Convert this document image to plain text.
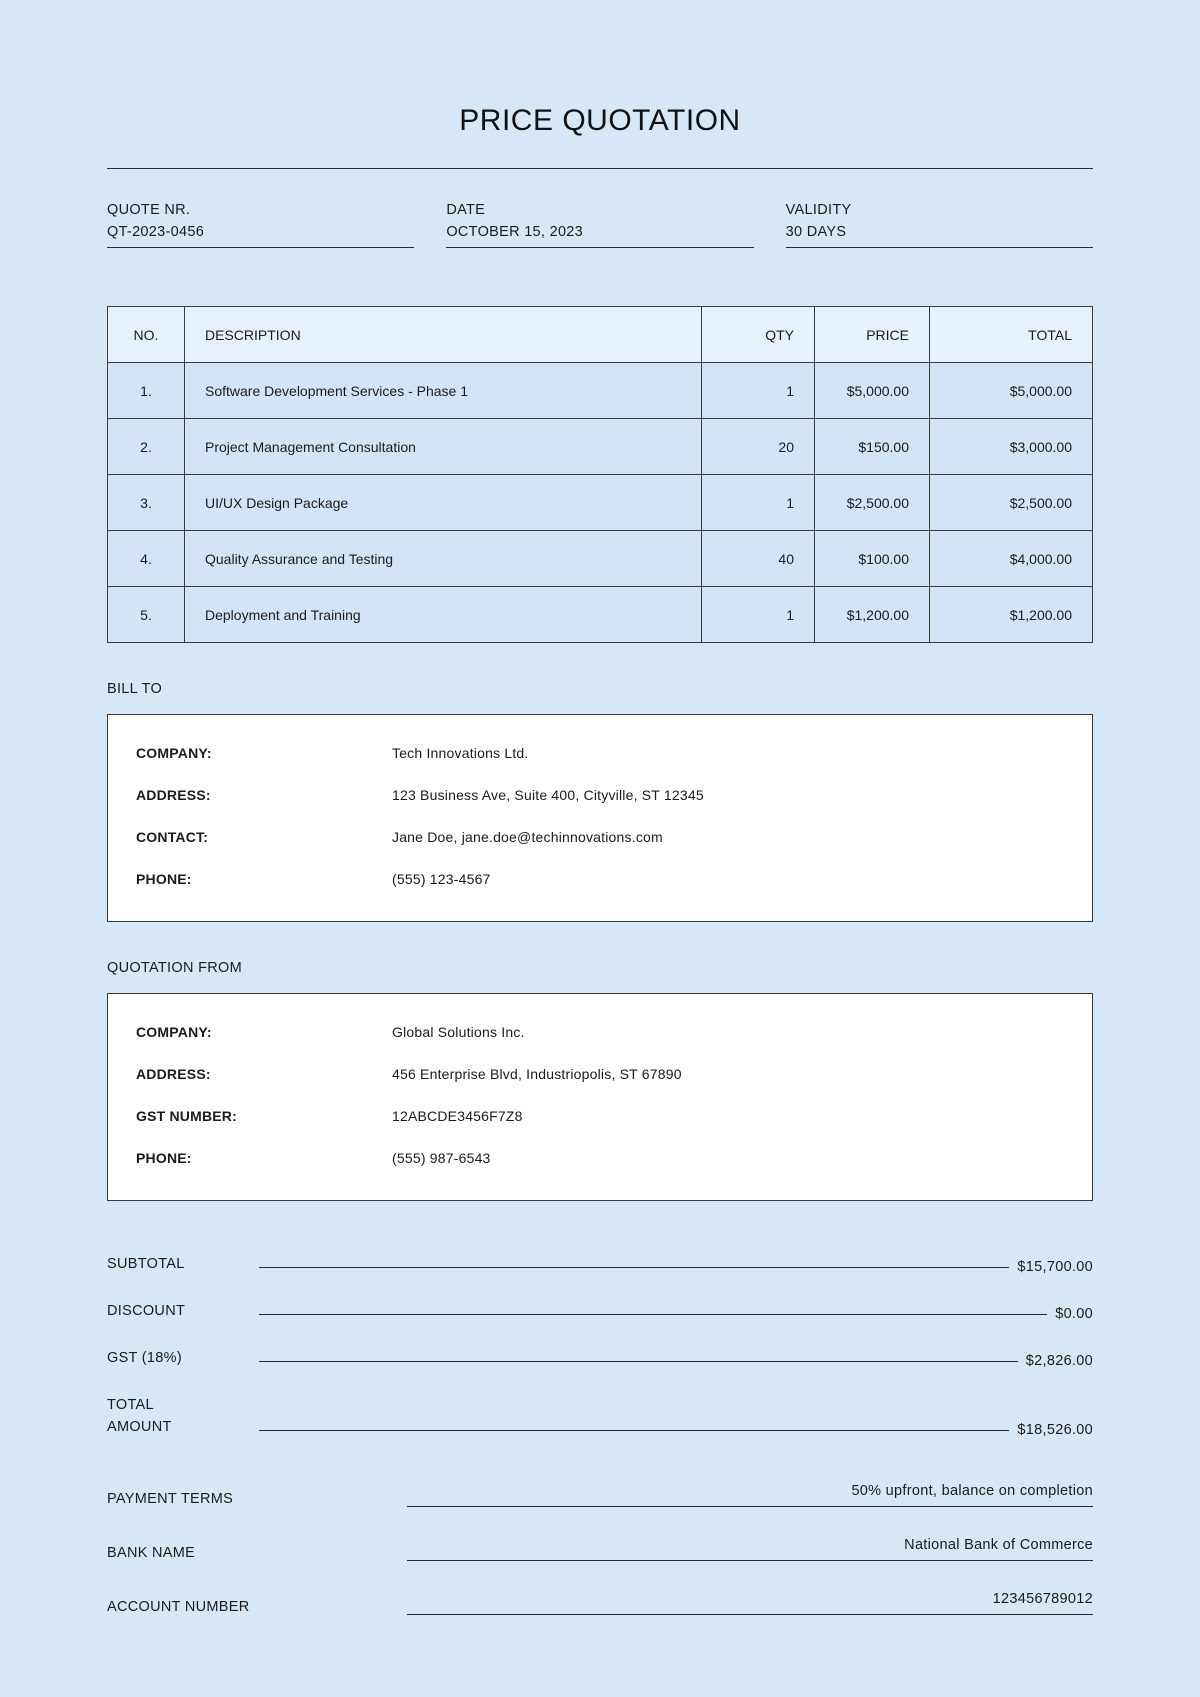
PRICE QUOTATION
QUOTE NR.
QT-2023-0456
DATE
OCTOBER 15, 2023
VALIDITY
30 DAYS
NO.	DESCRIPTION	QTY	PRICE	TOTAL
1.	Software Development Services - Phase 1	1	$5,000.00	$5,000.00
2.	Project Management Consultation	20	$150.00	$3,000.00
3.	UI/UX Design Package	1	$2,500.00	$2,500.00
4.	Quality Assurance and Testing	40	$100.00	$4,000.00
5.	Deployment and Training	1	$1,200.00	$1,200.00
BILL TO
COMPANY:	Tech Innovations Ltd.
ADDRESS:	123 Business Ave, Suite 400, Cityville, ST 12345
CONTACT:	Jane Doe, jane.doe@techinnovations.com
PHONE:	(555) 123-4567
QUOTATION FROM
COMPANY:	Global Solutions Inc.
ADDRESS:	456 Enterprise Blvd, Industriopolis, ST 67890
GST NUMBER:	12ABCDE3456F7Z8
PHONE:	(555) 987-6543
SUBTOTAL	$15,700.00
DISCOUNT	$0.00
GST (18%)	$2,826.00
TOTAL
AMOUNT	$18,526.00
PAYMENT TERMS	50% upfront, balance on completion
BANK NAME	National Bank of Commerce
ACCOUNT NUMBER	123456789012
